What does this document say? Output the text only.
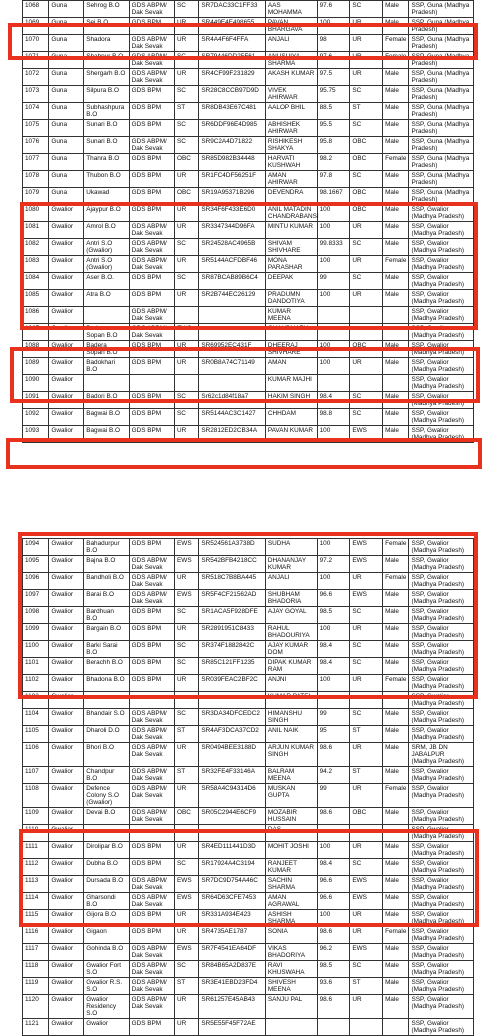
1068	Guna	Sehrog B.O	GDS ABPM/ Dak Sevak	SC	SR7DAC33C1FF33	AAS MOHAMMA	97.6	SC	Male	SSP, Guna (Madhya Pradesh)
1069	Guna	Sej B.O	GDS BPM	UR	SR449E4E498655	PAVAN BHARGAVA	100	UR	Male	SSP, Guna (Madhya Pradesh)
1070	Guna	Shadora	GDS ABPM/ Dak Sevak	UR	SR4A4F6F4FFA	ANJALI	98	UR	Female	SSP, Guna (Madhya Pradesh)
1071	Guna	Shahpur B.O	GDS ABPM/ Dak Sevak	SC	SR79446DD25F61	ANUSUIYA SHARMA	97.6	UR	Female	SSP, Guna (Madhya Pradesh)
1072	Guna	Shergarh B.O	GDS ABPM/ Dak Sevak	UR	SR4CF99F231829	AKASH KUMAR	97.5	UR	Male	SSP, Guna (Madhya Pradesh)
1073	Guna	Silpura B.O	GDS BPM	SC	SR28C8CCB97D9D	VIVEK AHIRWAR	95.75	SC	Male	SSP, Guna (Madhya Pradesh)
1074	Guna	Subhashpura B.O	GDS BPM	ST	SR8DB43E67C481	AALOP BHIL	88.5	ST	Male	SSP, Guna (Madhya Pradesh)
1075	Guna	Sunari B.O	GDS BPM	SC	SR6DDF96E4D985	ABHISHEK AHIRWAR	95.5	SC	Male	SSP, Guna (Madhya Pradesh)
1076	Guna	Sunari B.O	GDS ABPM/ Dak Sevak	SC	SR9C2A4D71822	RISHIKESH SHAKYA	95.8	OBC	Male	SSP, Guna (Madhya Pradesh)
1077	Guna	Thanra B.O	GDS BPM	OBC	SR85D982B34448	HARVATI KUSHWAH	98.2	OBC	Female	SSP, Guna (Madhya Pradesh)
1078	Guna	Thubon B.O	GDS BPM	UR	SR1FC4DF56251F	AMAN AHIRWAR	97.8	SC	Male	SSP, Guna (Madhya Pradesh)
1079	Guna	Ukawad	GDS BPM	OBC	SR19A95371B296	DEVENDRA	98.1667	OBC	Male	SSP, Guna (Madhya Pradesh)
1080	Gwalior	Ajaypur B.O	GDS BPM	UR	SR34F6F433E6D0	ANIL MATADIN CHANDRABANSI	100	OBC	Male	SSP, Gwalior (Madhya Pradesh)
1081	Gwalior	Amrol B.O	GDS ABPM/ Dak Sevak	UR	SR3347344D96FA	MINTU KUMAR	100	UR	Male	SSP, Gwalior (Madhya Pradesh)
1082	Gwalior	Antri S.O (Gwalior)	GDS ABPM/ Dak Sevak	SC	SR24528AC4965B	SHIVAM SHIVHARE	99.8333	SC	Male	SSP, Gwalior (Madhya Pradesh)
1083	Gwalior	Antri S.O (Gwalior)	GDS ABPM/ Dak Sevak	UR	SR5144ACFDBF46	MONA PARASHAR	100	UR	Female	SSP, Gwalior (Madhya Pradesh)
1084	Gwalior	Aser B.O.	GDS BPM	SC	SR87BCAB89B6C4	DEEPAK	99	SC	Male	SSP, Gwalior (Madhya Pradesh)
1085	Gwalior	Atra B.O	GDS BPM	UR	SR2B744EC26129	PRADUMN DANDOTIYA	100	UR	Male	SSP, Gwalior (Madhya Pradesh)
1086	Gwalior		GDS ABPM/ Dak Sevak			KUMAR MEENA				SSP, Gwalior (Madhya Pradesh)
1087	Gwalior	Badera Sopan B.O	GDS ABPM/ Dak Sevak	EWS		CHAUDHARY				SSP, Gwalior (Madhya Pradesh)
1088	Gwalior	Badera Sopan B.O	GDS BPM	UR	SR69952EC431F	DHEERAJ SHIVHARE	100	OBC	Male	SSP, Gwalior (Madhya Pradesh)
1089	Gwalior	Badokhari B.O	GDS BPM	UR	SR0B8A74C71149	AMAN	100	UR	Male	SSP, Gwalior (Madhya Pradesh)
1090	Gwalior					KUMAR MAJHI				SSP, Gwalior (Madhya Pradesh)
1091	Gwalior	Badori B.O	GDS BPM	SC	Sr62c1d84f18a7	HAKIM SINGH	98.4	SC	Male	SSP, Gwalior (Madhya Pradesh)
1092	Gwalior	Bagwai B.O	GDS BPM	SC	SR5144AC3C1427	CHHDAM	98.8	SC	Male	SSP, Gwalior (Madhya Pradesh)
1093	Gwalior	Bagwai B.O	GDS BPM	UR	SR2812ED2CB34A	PAVAN KUMAR	100	EWS	Male	SSP, Gwalior (Madhya Pradesh)
1094	Gwalior	Bahadurpur B.O	GDS BPM	EWS	SR524561A3738D	SUDHA	100	EWS	Female	SSP, Gwalior (Madhya Pradesh)
1095	Gwalior	Bajna B.O	GDS ABPM/ Dak Sevak	EWS	SR542BFB4218CC	DHANANJAY KUMAR	97.2	EWS	Male	SSP, Gwalior (Madhya Pradesh)
1096	Gwalior	Bandholi B.O	GDS ABPM/ Dak Sevak	UR	SR518C7B8BA445	ANJALI	100	UR	Female	SSP, Gwalior (Madhya Pradesh)
1097	Gwalior	Barai B.O	GDS ABPM/ Dak Sevak	EWS	SR5F4CF21562AD	SHUBHAM BHADORIA	96.6	EWS	Male	SSP, Gwalior (Madhya Pradesh)
1098	Gwalior	Bardhuan B.O	GDS BPM	SC	SR1ACA5F928DFE	AJAY GOYAL	98.5	SC	Male	SSP, Gwalior (Madhya Pradesh)
1099	Gwalior	Bargain B.O	GDS BPM	UR	SR2891951C8433	RAHUL BHADOURIYA	100	UR	Male	SSP, Gwalior (Madhya Pradesh)
1100	Gwalior	Barki Sarai B.O	GDS BPM	SC	SR374F1882842C	AJAY KUMAR DOM	98.4	SC	Male	SSP, Gwalior (Madhya Pradesh)
1101	Gwalior	Berachh B.O	GDS BPM	SC	SR85C121FF1235	DIPAK KUMAR RAM	98.4	SC	Male	SSP, Gwalior (Madhya Pradesh)
1102	Gwalior	Bhadona B.O	GDS BPM	UR	SR039FEAC2BF2C	ANJNI	100	UR	Female	SSP, Gwalior (Madhya Pradesh)
1103	Gwalior					KUMAR PATEL				SSP, Gwalior (Madhya Pradesh)
1104	Gwalior	Bhandair S.O	GDS ABPM/ Dak Sevak	SC	SR3DA34DFCEDC2	HIMANSHU SINGH	99	SC	Male	SSP, Gwalior (Madhya Pradesh)
1105	Gwalior	Dharoli D.O	GDS ABPM/ Dak Sevak	ST	SR4AF3DCA37CD2	ANIL NAIK	95	ST	Male	SSP, Gwalior (Madhya Pradesh)
1106	Gwalior	Bhori B.O	GDS ABPM/ Dak Sevak	UR	SR0494BEE3188D	ARJUN KUMAR SINGH	98.6	UR	Male	SRM, JB DN JABALPUR (Madhya Pradesh)
1107	Gwalior	Chandpur B.O	GDS ABPM/ Dak Sevak	ST	SR32FE4F33146A	BALRAM MEENA	94.2	ST	Male	SSP, Gwalior (Madhya Pradesh)
1108	Gwalior	Defence Colony S.O (Gwalior)	GDS ABPM/ Dak Sevak	UR	SR58A4C94314D6	MUSKAN GUPTA	99	UR	Female	SSP, Gwalior (Madhya Pradesh)
1109	Gwalior	Devai B.O	GDS ABPM/ Dak Sevak	OBC	SR05C2944E6CF9	MOZABIR HUSSAIN	98.6	OBC	Male	SSP, Gwalior (Madhya Pradesh)
1110	Gwalior					DAS				SSP, Gwalior (Madhya Pradesh)
1111	Gwalior	Dirolipar B.O	GDS BPM	UR	SR4ED111441D3D	MOHIT JOSHI	100	UR	Male	SSP, Gwalior (Madhya Pradesh)
1112	Gwalior	Dubha B.O	GDS BPM	SC	SR17924A4C3194	RANJEET KUMAR	98.4	SC	Male	SSP, Gwalior (Madhya Pradesh)
1113	Gwalior	Dursada B.O	GDS ABPM/ Dak Sevak	EWS	SR7DC9D754A46C	SACHIN SHARMA	96.6	EWS	Male	SSP, Gwalior (Madhya Pradesh)
1114	Gwalior	Gharsondi B.O	GDS ABPM/ Dak Sevak	EWS	SR64D63CFE7453	AMAN AGRAWAL	96.6	EWS	Male	SSP, Gwalior (Madhya Pradesh)
1115	Gwalior	Gijora B.O	GDS BPM	UR	SR331A934E423	ASHISH SHARMA	100	UR	Male	SSP, Gwalior (Madhya Pradesh)
1116	Gwalior	Gigaon	GDS BPM	UR	SR4735AE1787	SONIA	98.6	UR	Female	SSP, Gwalior (Madhya Pradesh)
1117	Gwalior	Gohinda B.O	GDS ABPM/ Dak Sevak	EWS	SR7F4541EA64DF	VIKAS BHADORIYA	96.2	EWS	Male	SSP, Gwalior (Madhya Pradesh)
1118	Gwalior	Gwalior Fort S.O	GDS ABPM/ Dak Sevak	SC	SR84B65A2D837E	RAVI KHUSWAHA	98.5	SC	Male	SSP, Gwalior (Madhya Pradesh)
1119	Gwalior	Gwalior R.S. S.O	GDS ABPM/ Dak Sevak	ST	SR3E41EBD23FD4	SHIVESH MEENA	93.6	ST	Male	SSP, Gwalior (Madhya Pradesh)
1120	Gwalior	Gwalior Residency S.O	GDS ABPM/ Dak Sevak	UR	SR61257E45AB43	SANJU PAL	98.6	UR	Male	SSP, Gwalior (Madhya Pradesh)
1121	Gwalior	Gwalior	GDS BPM	UR	SR5E55F45F72AE					SSP, Gwalior (Madhya Pradesh)
